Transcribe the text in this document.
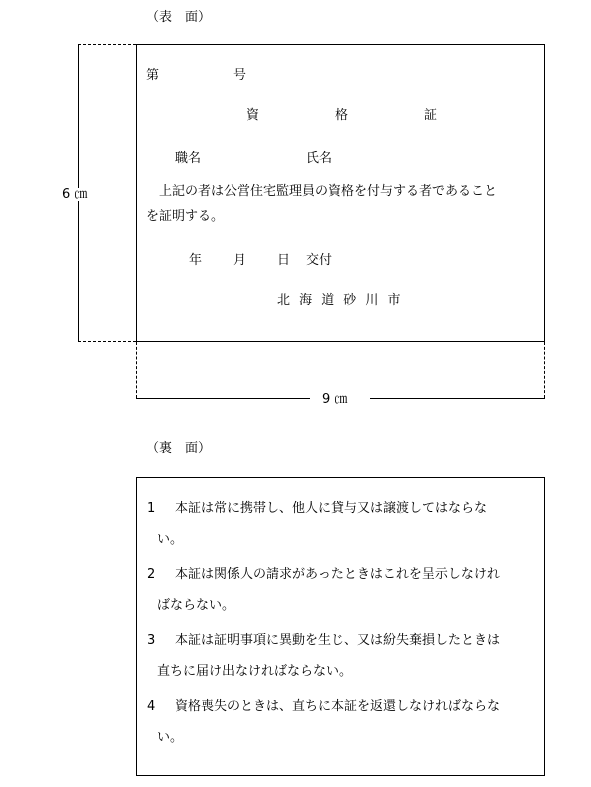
（表　面）
6 ㎝
第	号
資	格	証
職名	氏名
上記の者は公営住宅監理員の資格を付与する者であること
を証明する。
年 月 日 交付
北海道砂川市
9 ㎝
（裏　面）
1 本証は常に携帯し、他人に貸与又は譲渡してはならな
い。
2 本証は関係人の請求があったときはこれを呈示しなけれ
ばならない。
3 本証は証明事項に異動を生じ、又は紛失棄損したときは
直ちに届け出なければならない。
4 資格喪失のときは、直ちに本証を返還しなければならな
い。
